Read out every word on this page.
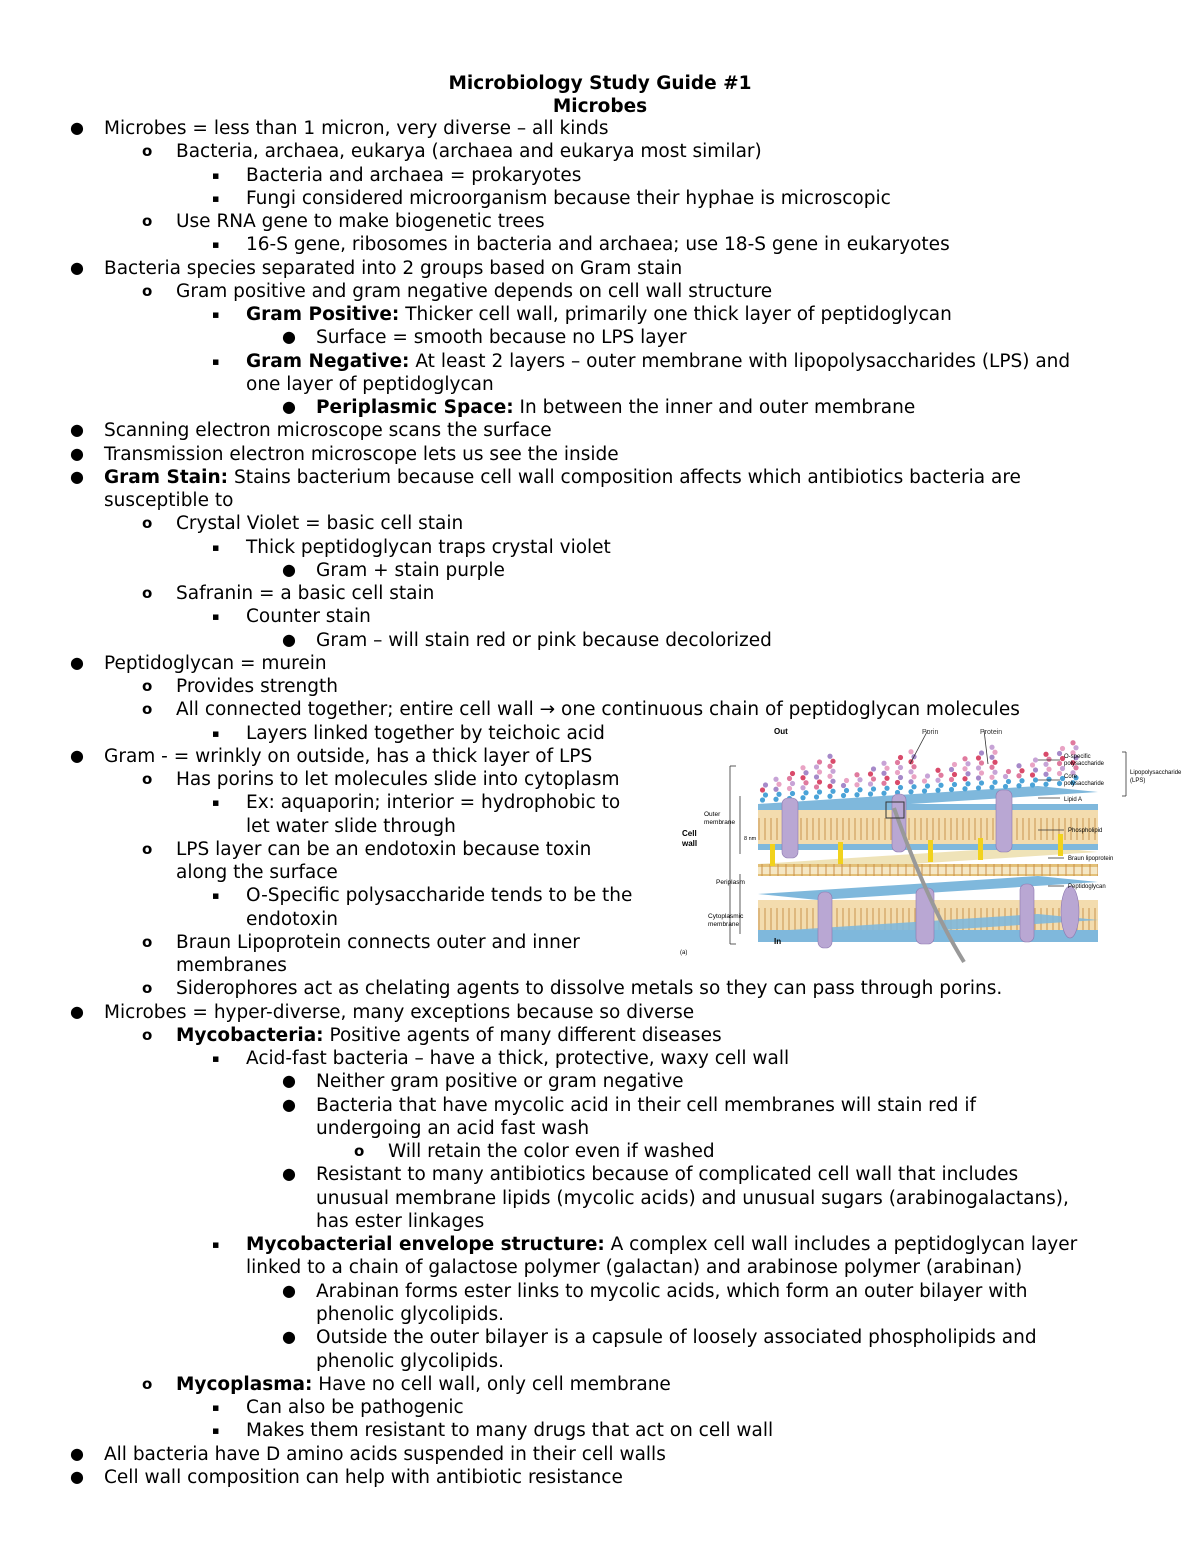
Microbiology Study Guide #1
Microbes
● Microbes = less than 1 micron, very diverse – all kinds
o Bacteria, archaea, eukarya (archaea and eukarya most similar)
▪ Bacteria and archaea = prokaryotes
▪ Fungi considered microorganism because their hyphae is microscopic
o Use RNA gene to make biogenetic trees
▪ 16-S gene, ribosomes in bacteria and archaea; use 18-S gene in eukaryotes
● Bacteria species separated into 2 groups based on Gram stain
o Gram positive and gram negative depends on cell wall structure
▪ Gram Positive: Thicker cell wall, primarily one thick layer of peptidoglycan
● Surface = smooth because no LPS layer
▪ Gram Negative: At least 2 layers – outer membrane with lipopolysaccharides (LPS) and
one layer of peptidoglycan
● Periplasmic Space: In between the inner and outer membrane
● Scanning electron microscope scans the surface
● Transmission electron microscope lets us see the inside
● Gram Stain: Stains bacterium because cell wall composition affects which antibiotics bacteria are
susceptible to
o Crystal Violet = basic cell stain
▪ Thick peptidoglycan traps crystal violet
● Gram + stain purple
o Safranin = a basic cell stain
▪ Counter stain
● Gram – will stain red or pink because decolorized
● Peptidoglycan = murein
o Provides strength
o All connected together; entire cell wall → one continuous chain of peptidoglycan molecules
▪ Layers linked together by teichoic acid
● Gram - = wrinkly on outside, has a thick layer of LPS
o Has porins to let molecules slide into cytoplasm
▪ Ex: aquaporin; interior = hydrophobic to
let water slide through
o LPS layer can be an endotoxin because toxin
along the surface
▪ O-Specific polysaccharide tends to be the
endotoxin
o Braun Lipoprotein connects outer and inner
membranes
o Siderophores act as chelating agents to dissolve metals so they can pass through porins.
● Microbes = hyper-diverse, many exceptions because so diverse
o Mycobacteria: Positive agents of many different diseases
▪ Acid-fast bacteria – have a thick, protective, waxy cell wall
● Neither gram positive or gram negative
● Bacteria that have mycolic acid in their cell membranes will stain red if
undergoing an acid fast wash
o Will retain the color even if washed
● Resistant to many antibiotics because of complicated cell wall that includes
unusual membrane lipids (mycolic acids) and unusual sugars (arabinogalactans),
has ester linkages
▪ Mycobacterial envelope structure: A complex cell wall includes a peptidoglycan layer
linked to a chain of galactose polymer (galactan) and arabinose polymer (arabinan)
● Arabinan forms ester links to mycolic acids, which form an outer bilayer with
phenolic glycolipids.
● Outside the outer bilayer is a capsule of loosely associated phospholipids and
phenolic glycolipids.
o Mycoplasma: Have no cell wall, only cell membrane
▪ Can also be pathogenic
▪ Makes them resistant to many drugs that act on cell wall
● All bacteria have D amino acids suspended in their cell walls
● Cell wall composition can help with antibiotic resistance
Out
In
Porin	Protein
Cell
wall
Outer
membrane
Periplasm
Cytoplasmic
membrane
8 nm
(a)
O-specific
polysaccharide
Core
polysaccharide
Lipid A
Lipopolysaccharide
(LPS)
Phospholipid
Braun lipoprotein
Peptidoglycan
